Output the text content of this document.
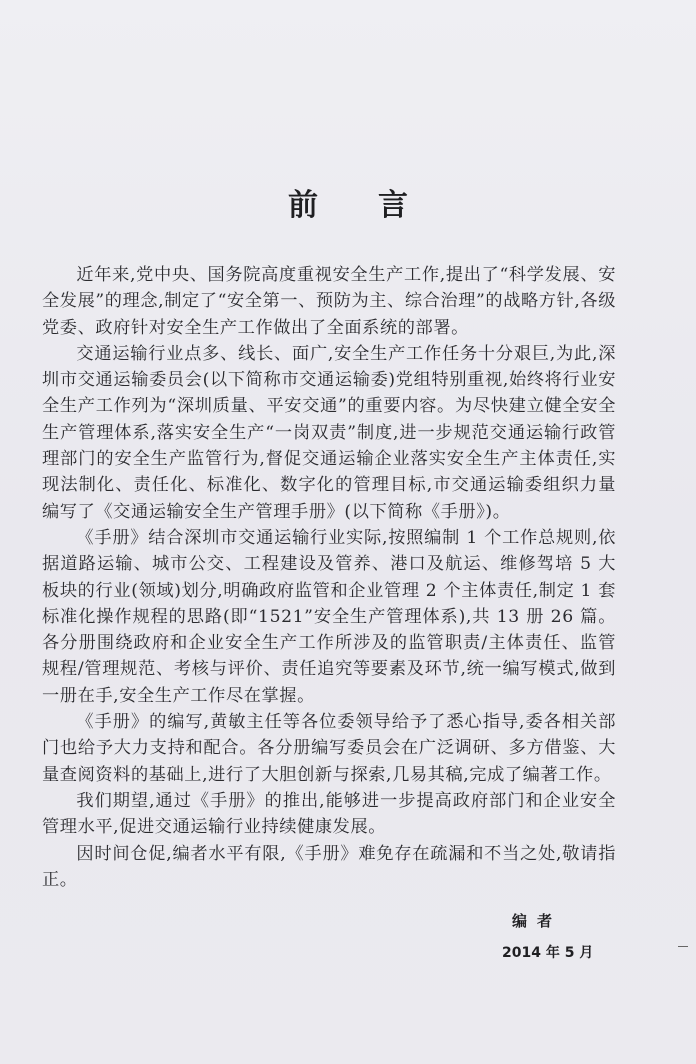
前言

近年来,党中央、国务院高度重视安全生产工作,提出了“科学发展、安全发展”的理念,制定了“安全第一、预防为主、综合治理”的战略方针,各级党委、政府针对安全生产工作做出了全面系统的部署。

交通运输行业点多、线长、面广,安全生产工作任务十分艰巨,为此,深圳市交通运输委员会(以下简称市交通运输委)党组特别重视,始终将行业安全生产工作列为“深圳质量、平安交通”的重要内容。为尽快建立健全安全生产管理体系,落实安全生产“一岗双责”制度,进一步规范交通运输行政管理部门的安全生产监管行为,督促交通运输企业落实安全生产主体责任,实现法制化、责任化、标准化、数字化的管理目标,市交通运输委组织力量编写了《交通运输安全生产管理手册》(以下简称《手册》)。

《手册》结合深圳市交通运输行业实际,按照编制 1 个工作总规则,依据道路运输、城市公交、工程建设及管养、港口及航运、维修驾培 5 大板块的行业(领域)划分,明确政府监管和企业管理 2 个主体责任,制定 1 套标准化操作规程的思路(即“1521”安全生产管理体系),共 13 册 26 篇。各分册围绕政府和企业安全生产工作所涉及的监管职责/主体责任、监管规程/管理规范、考核与评价、责任追究等要素及环节,统一编写模式,做到一册在手,安全生产工作尽在掌握。

《手册》的编写,黄敏主任等各位委领导给予了悉心指导,委各相关部门也给予大力支持和配合。各分册编写委员会在广泛调研、多方借鉴、大量查阅资料的基础上,进行了大胆创新与探索,几易其稿,完成了编著工作。

我们期望,通过《手册》的推出,能够进一步提高政府部门和企业安全管理水平,促进交通运输行业持续健康发展。

因时间仓促,编者水平有限,《手册》难免存在疏漏和不当之处,敬请指正。

编者
2014 年 5 月
